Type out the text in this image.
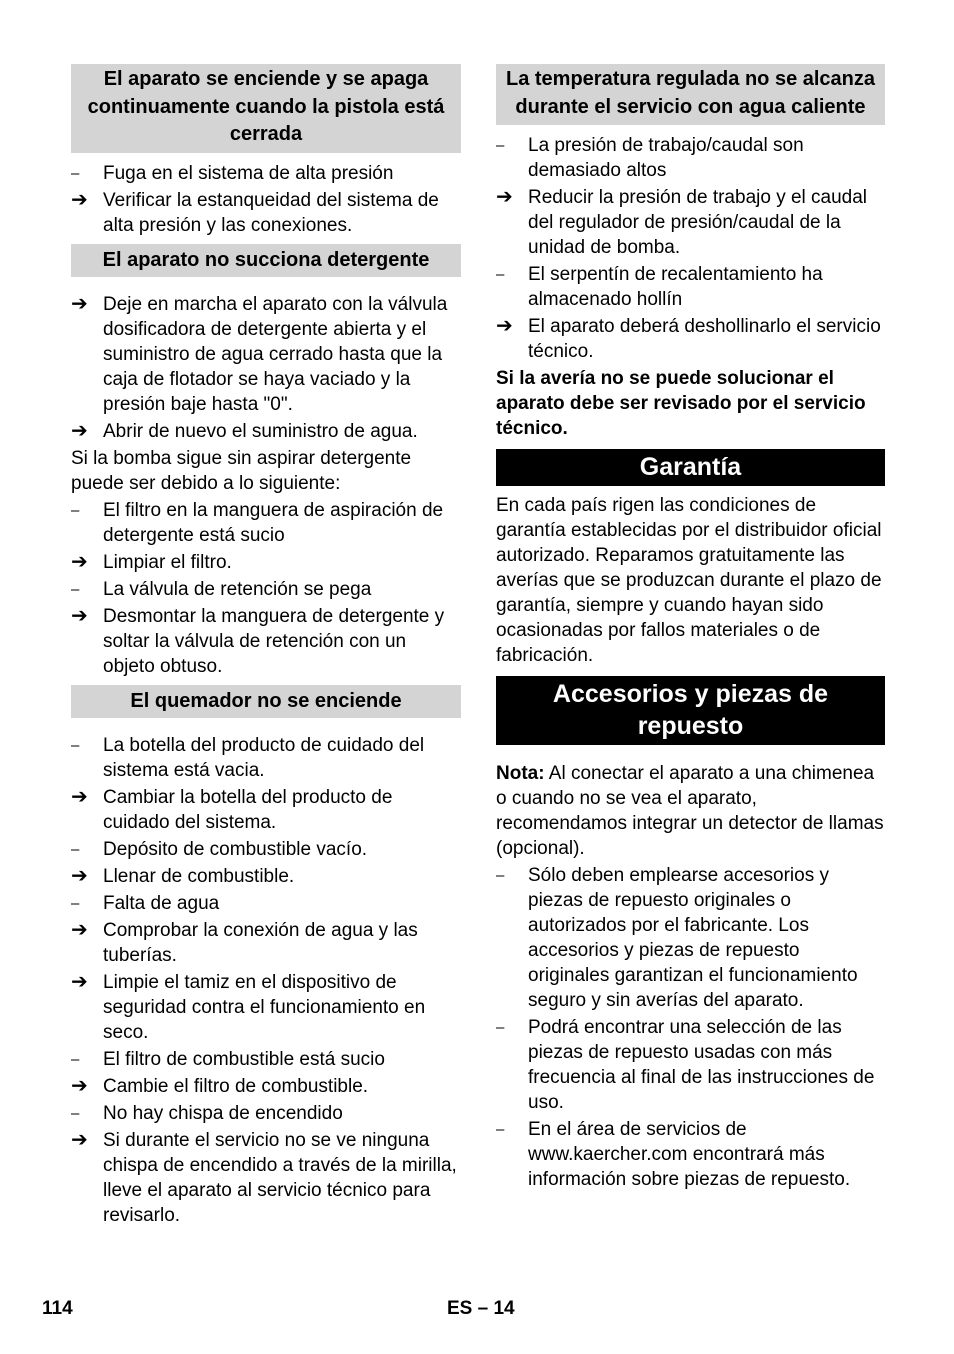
El aparato se enciende y se apaga continuamente cuando la pistola está cerrada
–	Fuga en el sistema de alta presión
➔ Verificar la estanqueidad del sistema de alta presión y las conexiones.
El aparato no succiona detergente
➔ Deje en marcha el aparato con la válvula dosificadora de detergente abierta y el suministro de agua cerrado hasta que la caja de flotador se haya vaciado y la presión baje hasta "0".
➔ Abrir de nuevo el suministro de agua.
Si la bomba sigue sin aspirar detergente puede ser debido a lo siguiente:
–	El filtro en la manguera de aspiración de detergente está sucio
➔ Limpiar el filtro.
–	La válvula de retención se pega
➔ Desmontar la manguera de detergente y soltar la válvula de retención con un objeto obtuso.
El quemador no se enciende
–	La botella del producto de cuidado del sistema está vacia.
➔ Cambiar la botella del producto de cuidado del sistema.
–	Depósito de combustible vacío.
➔ Llenar de combustible.
–	Falta de agua
➔ Comprobar la conexión de agua y las tuberías.
➔ Limpie el tamiz en el dispositivo de seguridad contra el funcionamiento en seco.
–	El filtro de combustible está sucio
➔ Cambie el filtro de combustible.
–	No hay chispa de encendido
➔ Si durante el servicio no se ve ninguna chispa de encendido a través de la mirilla, lleve el aparato al servicio técnico para revisarlo.
La temperatura regulada no se alcanza durante el servicio con agua caliente
–	La presión de trabajo/caudal son demasiado altos
➔ Reducir la presión de trabajo y el caudal del regulador de presión/caudal de la unidad de bomba.
–	El serpentín de recalentamiento ha almacenado hollín
➔ El aparato deberá deshollinarlo el servicio técnico.
Si la avería no se puede solucionar el aparato debe ser revisado por el servicio técnico.
Garantía
En cada país rigen las condiciones de garantía establecidas por el distribuidor oficial autorizado. Reparamos gratuitamente las averías que se produzcan durante el plazo de garantía, siempre y cuando hayan sido ocasionadas por fallos materiales o de fabricación.
Accesorios y piezas de repuesto
Nota: Al conectar el aparato a una chimenea o cuando no se vea el aparato, recomendamos integrar un detector de llamas (opcional).
–	Sólo deben emplearse accesorios y piezas de repuesto originales o autorizados por el fabricante. Los accesorios y piezas de repuesto originales garantizan el funcionamiento seguro y sin averías del aparato.
–	Podrá encontrar una selección de las piezas de repuesto usadas con más frecuencia al final de las instrucciones de uso.
–	En el área de servicios de www.kaercher.com encontrará más información sobre piezas de repuesto.
114	ES – 14
